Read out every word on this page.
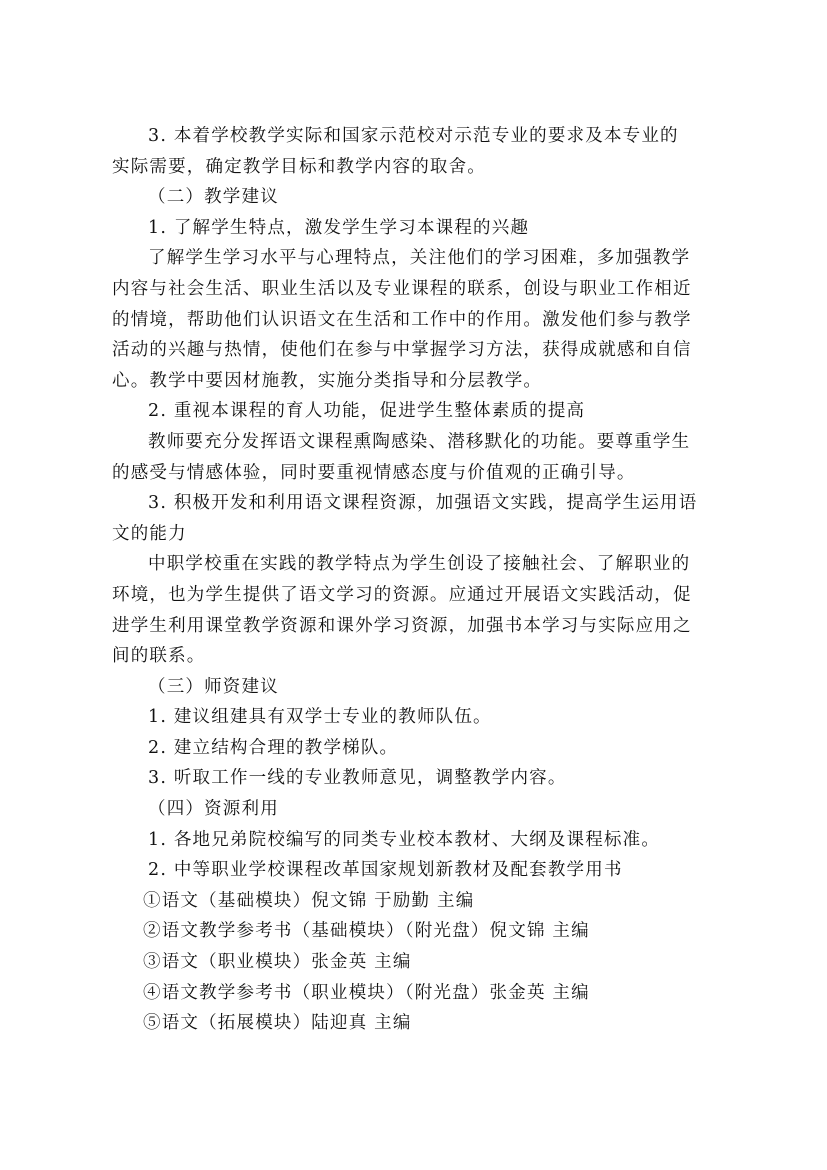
3. 本着学校教学实际和国家示范校对示范专业的要求及本专业的
实际需要，确定教学目标和教学内容的取舍。
（二）教学建议
1. 了解学生特点，激发学生学习本课程的兴趣
了解学生学习水平与心理特点，关注他们的学习困难，多加强教学
内容与社会生活、职业生活以及专业课程的联系，创设与职业工作相近
的情境，帮助他们认识语文在生活和工作中的作用。激发他们参与教学
活动的兴趣与热情，使他们在参与中掌握学习方法，获得成就感和自信
心。教学中要因材施教，实施分类指导和分层教学。
2. 重视本课程的育人功能，促进学生整体素质的提高
教师要充分发挥语文课程熏陶感染、潜移默化的功能。要尊重学生
的感受与情感体验，同时要重视情感态度与价值观的正确引导。
3. 积极开发和利用语文课程资源，加强语文实践，提高学生运用语
文的能力
中职学校重在实践的教学特点为学生创设了接触社会、了解职业的
环境，也为学生提供了语文学习的资源。应通过开展语文实践活动，促
进学生利用课堂教学资源和课外学习资源，加强书本学习与实际应用之
间的联系。
（三）师资建议
1. 建议组建具有双学士专业的教师队伍。
2. 建立结构合理的教学梯队。
3. 听取工作一线的专业教师意见，调整教学内容。
（四）资源利用
1. 各地兄弟院校编写的同类专业校本教材、大纲及课程标准。
2. 中等职业学校课程改革国家规划新教材及配套教学用书
①语文（基础模块）倪文锦 于励勤 主编
②语文教学参考书（基础模块）（附光盘）倪文锦 主编
③语文（职业模块）张金英 主编
④语文教学参考书（职业模块）（附光盘）张金英 主编
⑤语文（拓展模块）陆迎真 主编
